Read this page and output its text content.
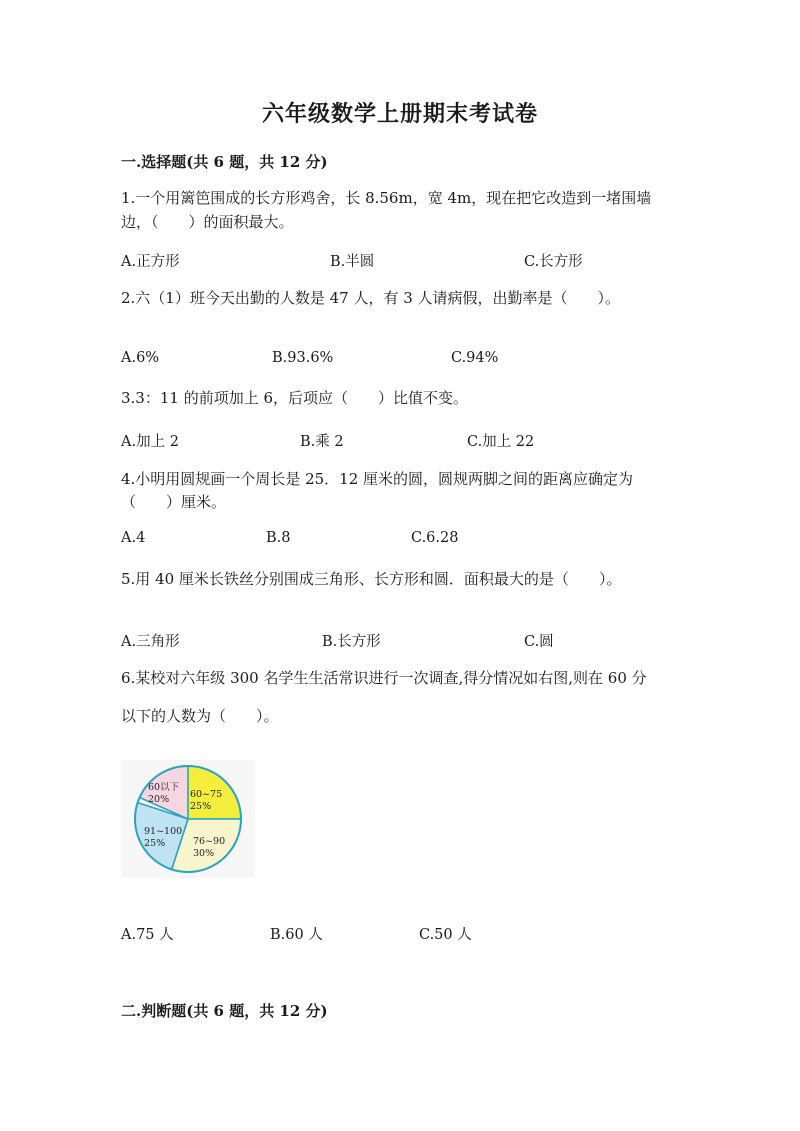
六年级数学上册期末考试卷
一.选择题(共 6 题，共 12 分)
1.一个用篱笆围成的长方形鸡舍，长 8.56m，宽 4m，现在把它改造到一堵围墙
边，（　　）的面积最大。
A.正方形	B.半圆	C.长方形
2.六（1）班今天出勤的人数是 47 人，有 3 人请病假，出勤率是（　　）。
A.6%	B.93.6%	C.94%
3.3：11 的前项加上 6，后项应（　　）比值不变。
A.加上 2	B.乘 2	C.加上 22
4.小明用圆规画一个周长是 25．12 厘米的圆，圆规两脚之间的距离应确定为
（　　）厘米。
A.4	B.8	C.6.28
5.用 40 厘米长铁丝分别围成三角形、长方形和圆．面积最大的是（　　）。
A.三角形	B.长方形	C.圆
6.某校对六年级 300 名学生生活常识进行一次调查,得分情况如右图,则在 60 分
以下的人数为（　　）。
60以下
20% 60~75
25%
76~90
30%
91~100
25%
A.75 人	B.60 人	C.50 人
二.判断题(共 6 题，共 12 分)
